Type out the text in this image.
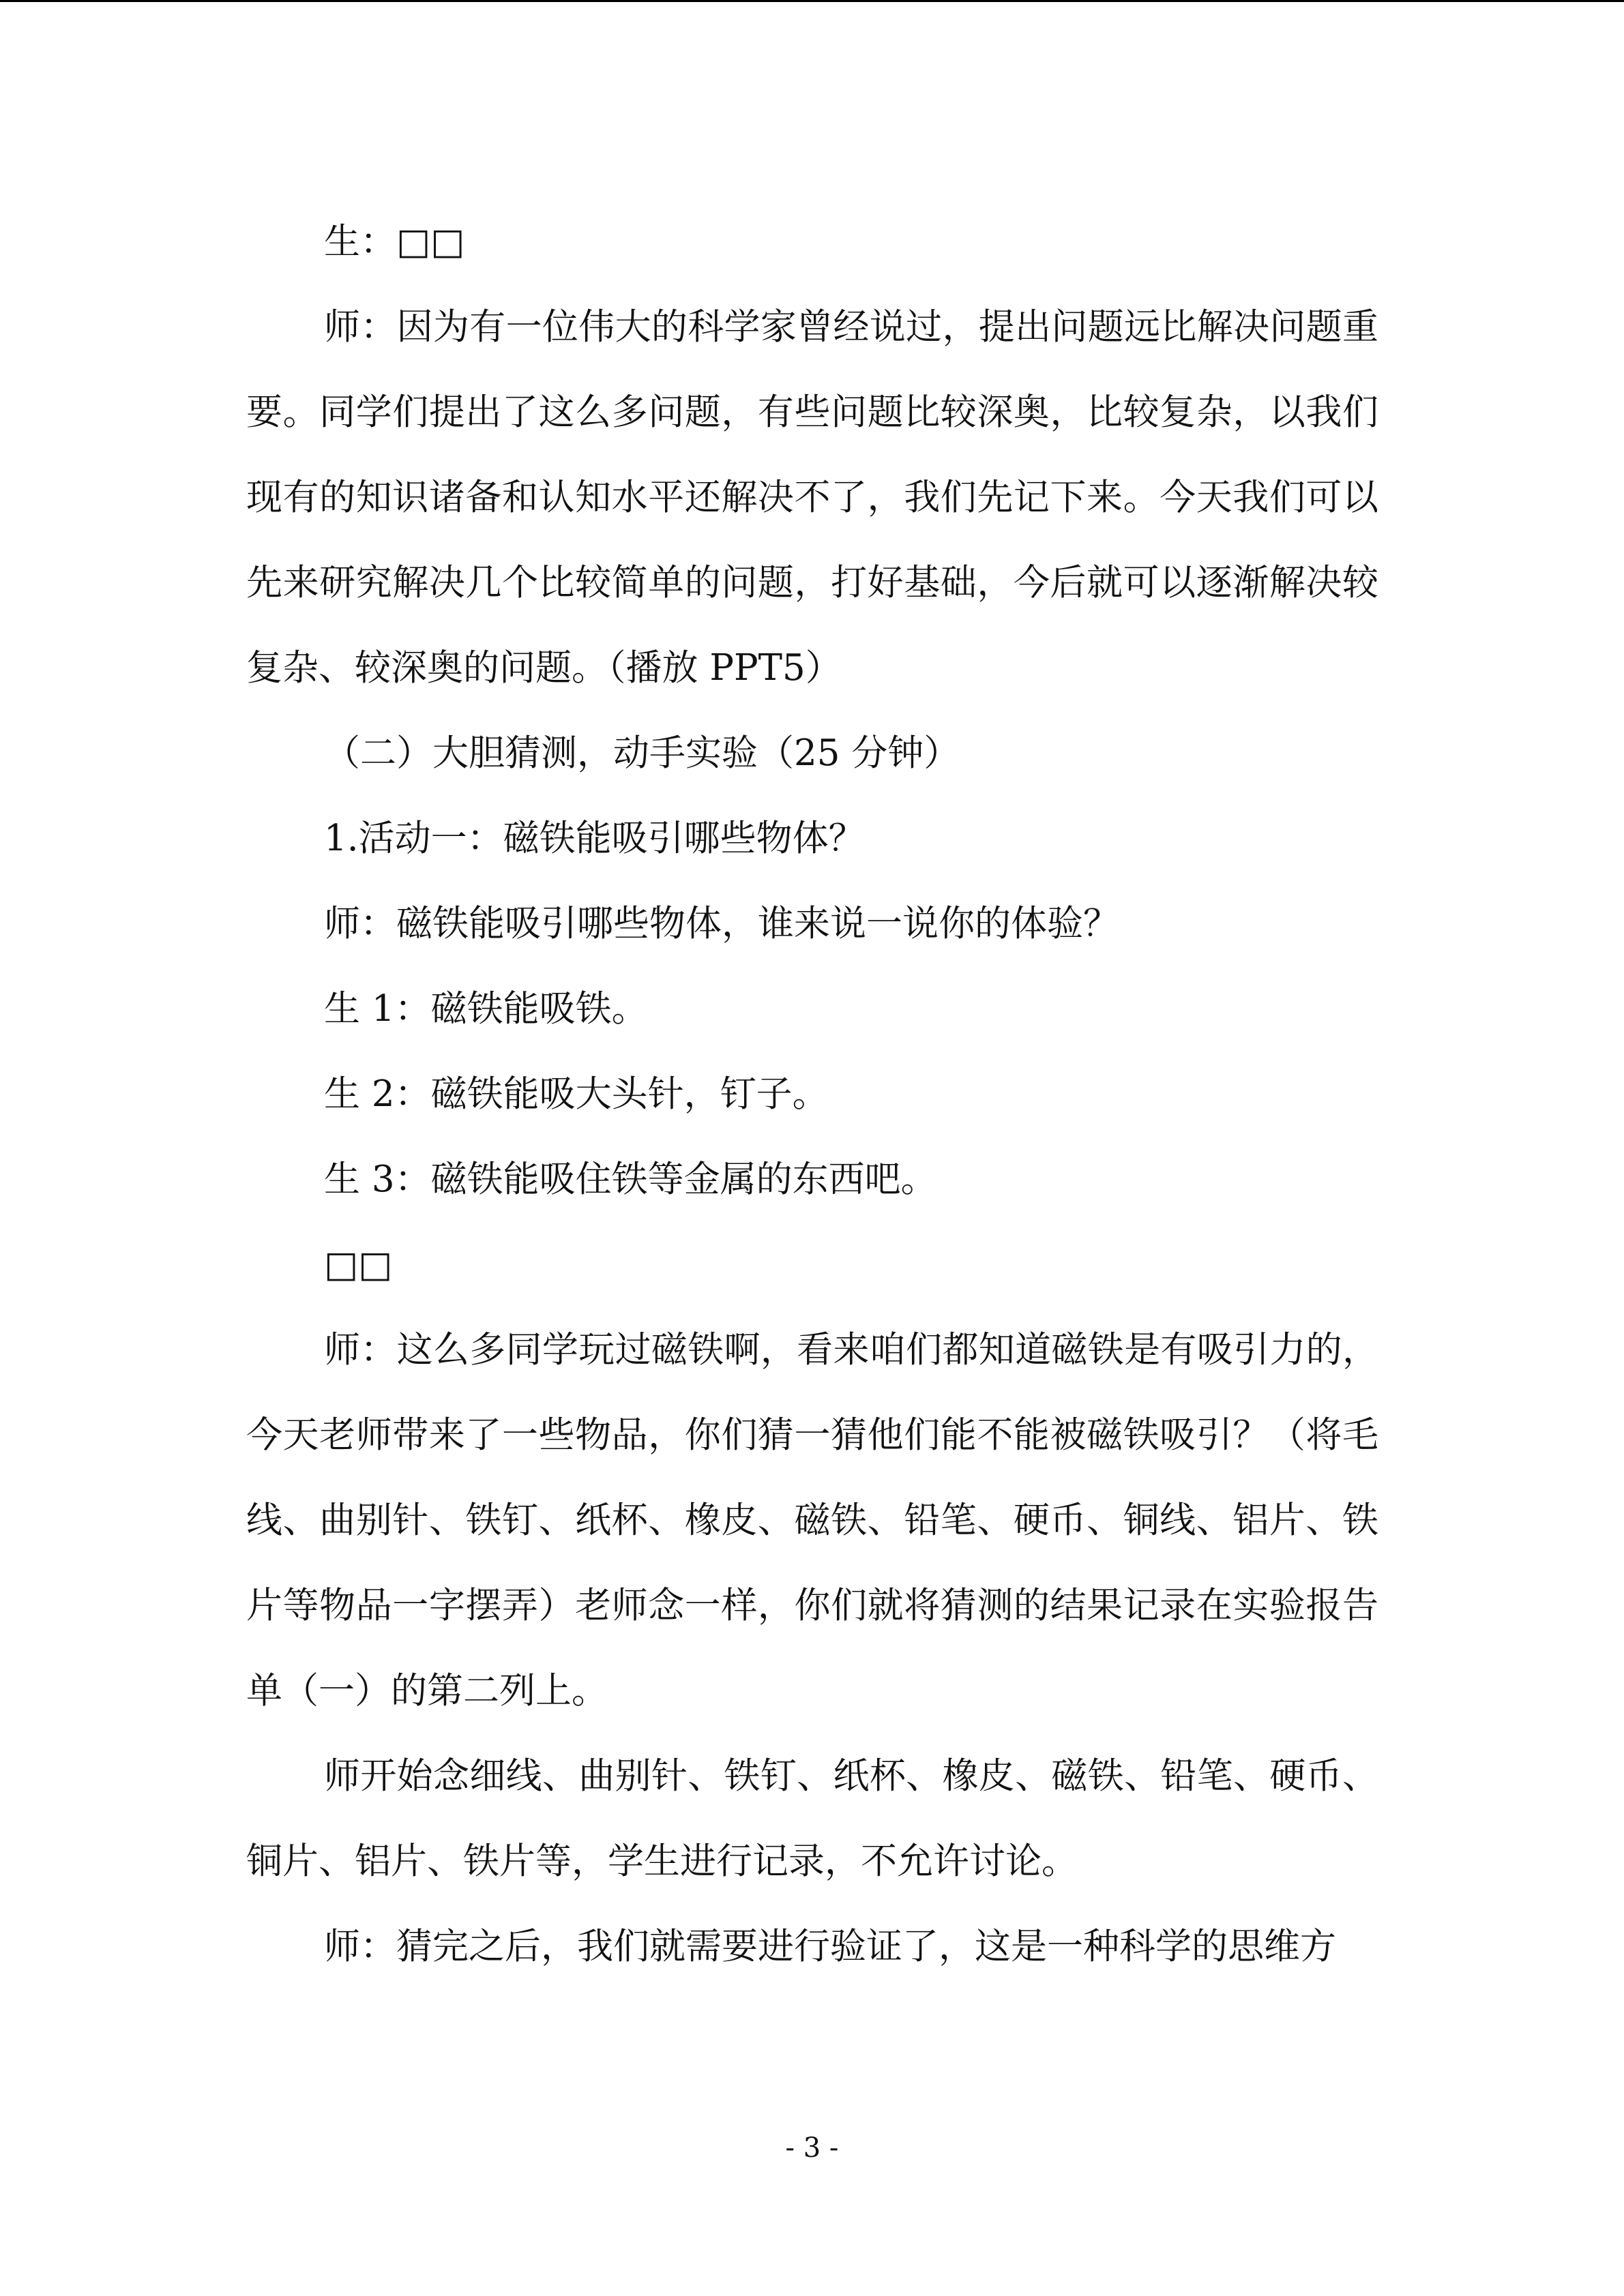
生：□□

师：因为有一位伟大的科学家曾经说过，提出问题远比解决问题重要。同学们提出了这么多问题，有些问题比较深奥，比较复杂，以我们现有的知识诸备和认知水平还解决不了，我们先记下来。今天我们可以先来研究解决几个比较简单的问题，打好基础，今后就可以逐渐解决较复杂、较深奥的问题。（播放 PPT5）

（二）大胆猜测，动手实验（25 分钟）

1.活动一：磁铁能吸引哪些物体？

师：磁铁能吸引哪些物体，谁来说一说你的体验？

生 1：磁铁能吸铁。

生 2：磁铁能吸大头针，钉子。

生 3：磁铁能吸住铁等金属的东西吧。

□□

师：这么多同学玩过磁铁啊，看来咱们都知道磁铁是有吸引力的，今天老师带来了一些物品，你们猜一猜他们能不能被磁铁吸引？（将毛线、曲别针、铁钉、纸杯、橡皮、磁铁、铅笔、硬币、铜线、铝片、铁片等物品一字摆弄）老师念一样，你们就将猜测的结果记录在实验报告单（一）的第二列上。

师开始念细线、曲别针、铁钉、纸杯、橡皮、磁铁、铅笔、硬币、铜片、铝片、铁片等，学生进行记录，不允许讨论。

师：猜完之后，我们就需要进行验证了，这是一种科学的思维方

- 3 -
